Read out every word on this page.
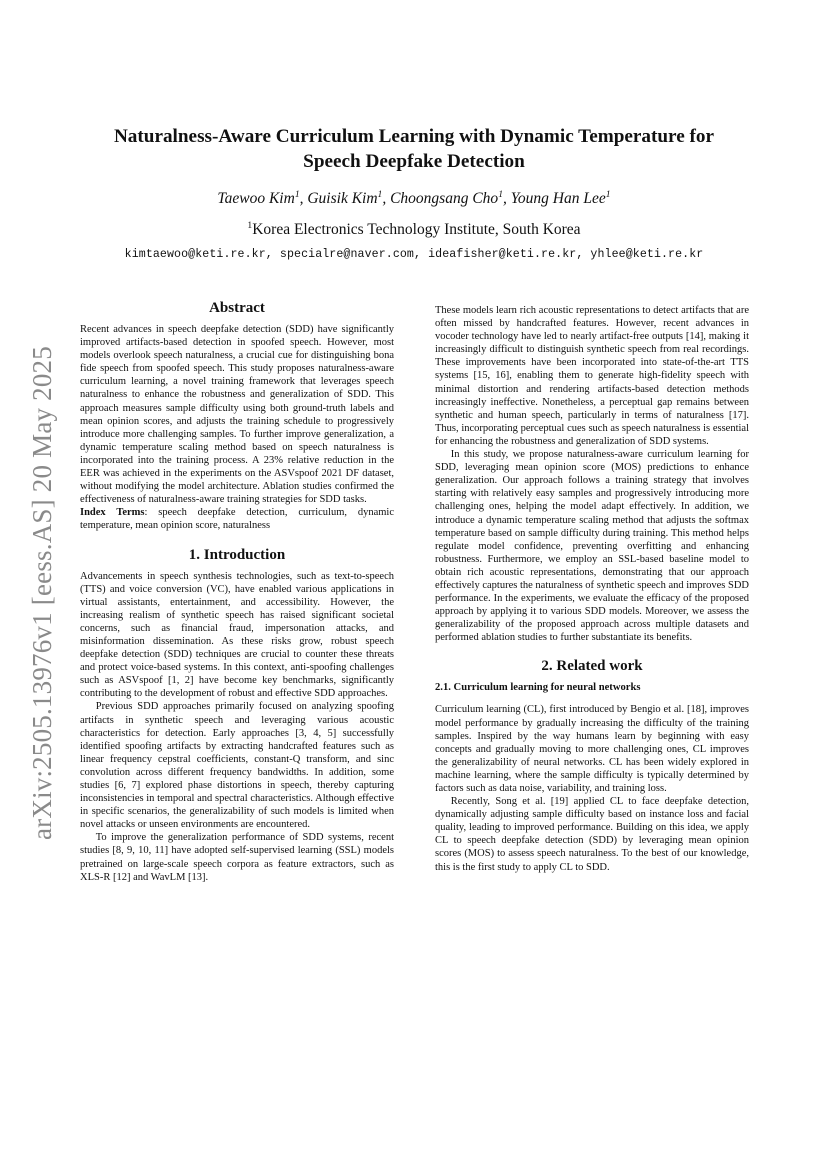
arXiv:2505.13976v1 [eess.AS] 20 May 2025
Naturalness-Aware Curriculum Learning with Dynamic Temperature for
Speech Deepfake Detection
Taewoo Kim$^1$, Guisik Kim$^1$, Choongsang Cho$^1$, Young Han Lee$^1$
$^1$Korea Electronics Technology Institute, South Korea
kimtaewoo@keti.re.kr, specialre@naver.com, ideafisher@keti.re.kr, yhlee@keti.re.kr
Abstract

Recent advances in speech deepfake detection (SDD) have significantly improved artifacts-based detection in spoofed speech. However, most models overlook speech naturalness, a crucial cue for distinguishing bona fide speech from spoofed speech. This study proposes naturalness-aware curriculum learning, a novel training framework that leverages speech naturalness to enhance the robustness and generalization of SDD. This approach measures sample difficulty using both ground-truth labels and mean opinion scores, and adjusts the training schedule to progressively introduce more challenging samples. To further improve generalization, a dynamic temperature scaling method based on speech naturalness is incorporated into the training process. A 23% relative reduction in the EER was achieved in the experiments on the ASVspoof 2021 DF dataset, without modifying the model architecture. Ablation studies confirmed the effectiveness of naturalness-aware training strategies for SDD tasks.

Index Terms: speech deepfake detection, curriculum, dynamic temperature, mean opinion score, naturalness

1. Introduction

Advancements in speech synthesis technologies, such as text-to-speech (TTS) and voice conversion (VC), have enabled various applications in virtual assistants, entertainment, and accessibility. However, the increasing realism of synthetic speech has raised significant societal concerns, such as financial fraud, impersonation attacks, and misinformation dissemination. As these risks grow, robust speech deepfake detection (SDD) techniques are crucial to counter these threats and protect voice-based systems. In this context, anti-spoofing challenges such as ASVspoof [1, 2] have become key benchmarks, significantly contributing to the development of robust and effective SDD approaches.

Previous SDD approaches primarily focused on analyzing spoofing artifacts in synthetic speech and leveraging various acoustic characteristics for detection. Early approaches [3, 4, 5] successfully identified spoofing artifacts by extracting handcrafted features such as linear frequency cepstral coefficients, constant-Q transform, and sinc convolution across different frequency bandwidths. In addition, some studies [6, 7] explored phase distortions in speech, thereby capturing inconsistencies in temporal and spectral characteristics. Although effective in specific scenarios, the generalizability of such models is limited when novel attacks or unseen environments are encountered.

To improve the generalization performance of SDD systems, recent studies [8, 9, 10, 11] have adopted self-supervised learning (SSL) models pretrained on large-scale speech corpora as feature extractors, such as XLS-R [12] and WavLM [13].

These models learn rich acoustic representations to detect artifacts that are often missed by handcrafted features. However, recent advances in vocoder technology have led to nearly artifact-free outputs [14], making it increasingly difficult to distinguish synthetic speech from real recordings. These improvements have been incorporated into state-of-the-art TTS systems [15, 16], enabling them to generate high-fidelity speech with minimal distortion and rendering artifacts-based detection methods increasingly ineffective. Nonetheless, a perceptual gap remains between synthetic and human speech, particularly in terms of naturalness [17]. Thus, incorporating perceptual cues such as speech naturalness is essential for enhancing the robustness and generalization of SDD systems.

In this study, we propose naturalness-aware curriculum learning for SDD, leveraging mean opinion score (MOS) predictions to enhance generalization. Our approach follows a training strategy that involves starting with relatively easy samples and progressively introducing more challenging ones, helping the model adapt effectively. In addition, we introduce a dynamic temperature scaling method that adjusts the softmax temperature based on sample difficulty during training. This method helps regulate model confidence, preventing overfitting and enhancing robustness. Furthermore, we employ an SSL-based baseline model to obtain rich acoustic representations, demonstrating that our approach effectively captures the naturalness of synthetic speech and improves SDD performance. In the experiments, we evaluate the efficacy of the proposed approach by applying it to various SDD models. Moreover, we assess the generalizability of the proposed approach across multiple datasets and performed ablation studies to further substantiate its benefits.

2. Related work
2.1. Curriculum learning for neural networks

Curriculum learning (CL), first introduced by Bengio et al. [18], improves model performance by gradually increasing the difficulty of the training samples. Inspired by the way humans learn by beginning with easy concepts and gradually moving to more challenging ones, CL improves the generalizability of neural networks. CL has been widely explored in machine learning, where the sample difficulty is typically determined by factors such as data noise, variability, and training loss.

Recently, Song et al. [19] applied CL to face deepfake detection, dynamically adjusting sample difficulty based on instance loss and facial quality, leading to improved performance. Building on this idea, we apply CL to speech deepfake detection (SDD) by leveraging mean opinion scores (MOS) to assess speech naturalness. To the best of our knowledge, this is the first study to apply CL to SDD.
